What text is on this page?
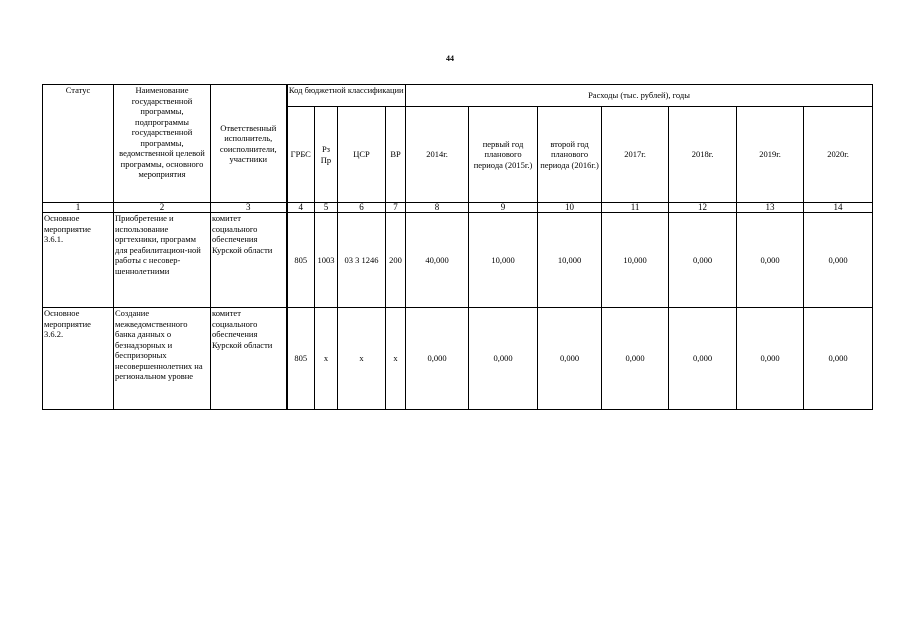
44
Статус	Наименование государственной программы, подпрограммы государственной программы, ведомственной целевой программы, основного мероприятия	Ответственный исполнитель, соисполнители, участники	Код бюджетной классификации				Расходы (тыс. рублей), годы						
			ГРБС	Рз Пр	ЦСР	ВР	2014г.	первый год планового периода (2015г.)	второй год планового периода (2016г.)	2017г.	2018г.	2019г.	2020г.
1	2	3	4	5	6	7	8	9	10	11	12	13	14
Основное мероприятие 3.6.1.	Приобретение и использование оргтехники, программ для реабилитацион-ной работы с несовер-шеннолетними	комитет социального обеспечения Курской области	805	1003	03 3 1246	200	40,000	10,000	10,000	10,000	0,000	0,000	0,000
Основное мероприятие 3.6.2.	Создание межведомственного банка данных о безнадзорных и беспризорных несовершеннолетних на региональном уровне	комитет социального обеспечения Курской области	805	x	x	x	0,000	0,000	0,000	0,000	0,000	0,000	0,000
